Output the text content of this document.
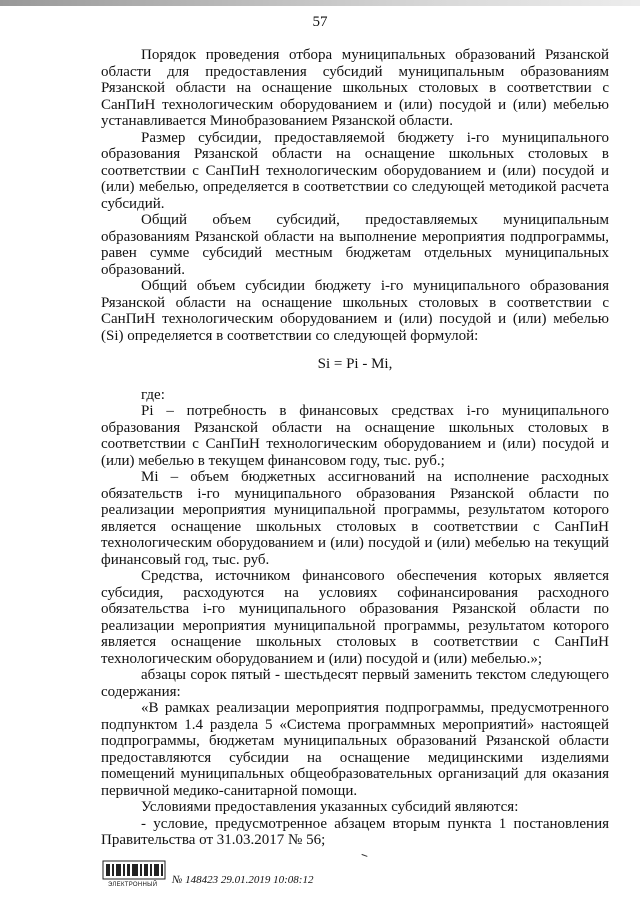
57

Порядок проведения отбора муниципальных образований Рязанской области для предоставления субсидий муниципальным образованиям Рязанской области на оснащение школьных столовых в соответствии с СанПиН технологическим оборудованием и (или) посудой и (или) мебелью устанавливается Минобразованием Рязанской области.

Размер субсидии, предоставляемой бюджету i-го муниципального образования Рязанской области на оснащение школьных столовых в соответствии с СанПиН технологическим оборудованием и (или) посудой и (или) мебелью, определяется в соответствии со следующей методикой расчета субсидий.

Общий объем субсидий, предоставляемых муниципальным образованиям Рязанской области на выполнение мероприятия подпрограммы, равен сумме субсидий местным бюджетам отдельных муниципальных образований.

Общий объем субсидии бюджету i-го муниципального образования Рязанской области на оснащение школьных столовых в соответствии с СанПиН технологическим оборудованием и (или) посудой и (или) мебелью (Si) определяется в соответствии со следующей формулой:

Si = Pi - Mi,

где:

Pi – потребность в финансовых средствах i-го муниципального образования Рязанской области на оснащение школьных столовых в соответствии с СанПиН технологическим оборудованием и (или) посудой и (или) мебелью в текущем финансовом году, тыс. руб.;

Mi – объем бюджетных ассигнований на исполнение расходных обязательств i-го муниципального образования Рязанской области по реализации мероприятия муниципальной программы, результатом которого является оснащение школьных столовых в соответствии с СанПиН технологическим оборудованием и (или) посудой и (или) мебелью на текущий финансовый год, тыс. руб.

Средства, источником финансового обеспечения которых является субсидия, расходуются на условиях софинансирования расходного обязательства i-го муниципального образования Рязанской области по реализации мероприятия муниципальной программы, результатом которого является оснащение школьных столовых в соответствии с СанПиН технологическим оборудованием и (или) посудой и (или) мебелью.»;

абзацы сорок пятый - шестьдесят первый заменить текстом следующего содержания:

«В рамках реализации мероприятия подпрограммы, предусмотренного подпунктом 1.4 раздела 5 «Система программных мероприятий» настоящей подпрограммы, бюджетам муниципальных образований Рязанской области предоставляются субсидии на оснащение медицинскими изделиями помещений муниципальных общеобразовательных организаций для оказания первичной медико-санитарной помощи.

Условиями предоставления указанных субсидий являются:

- условие, предусмотренное абзацем вторым пункта 1 постановления Правительства от 31.03.2017 № 56;

ЭЛЕКТРОННЫЙ № 148423 29.01.2019 10:08:12
